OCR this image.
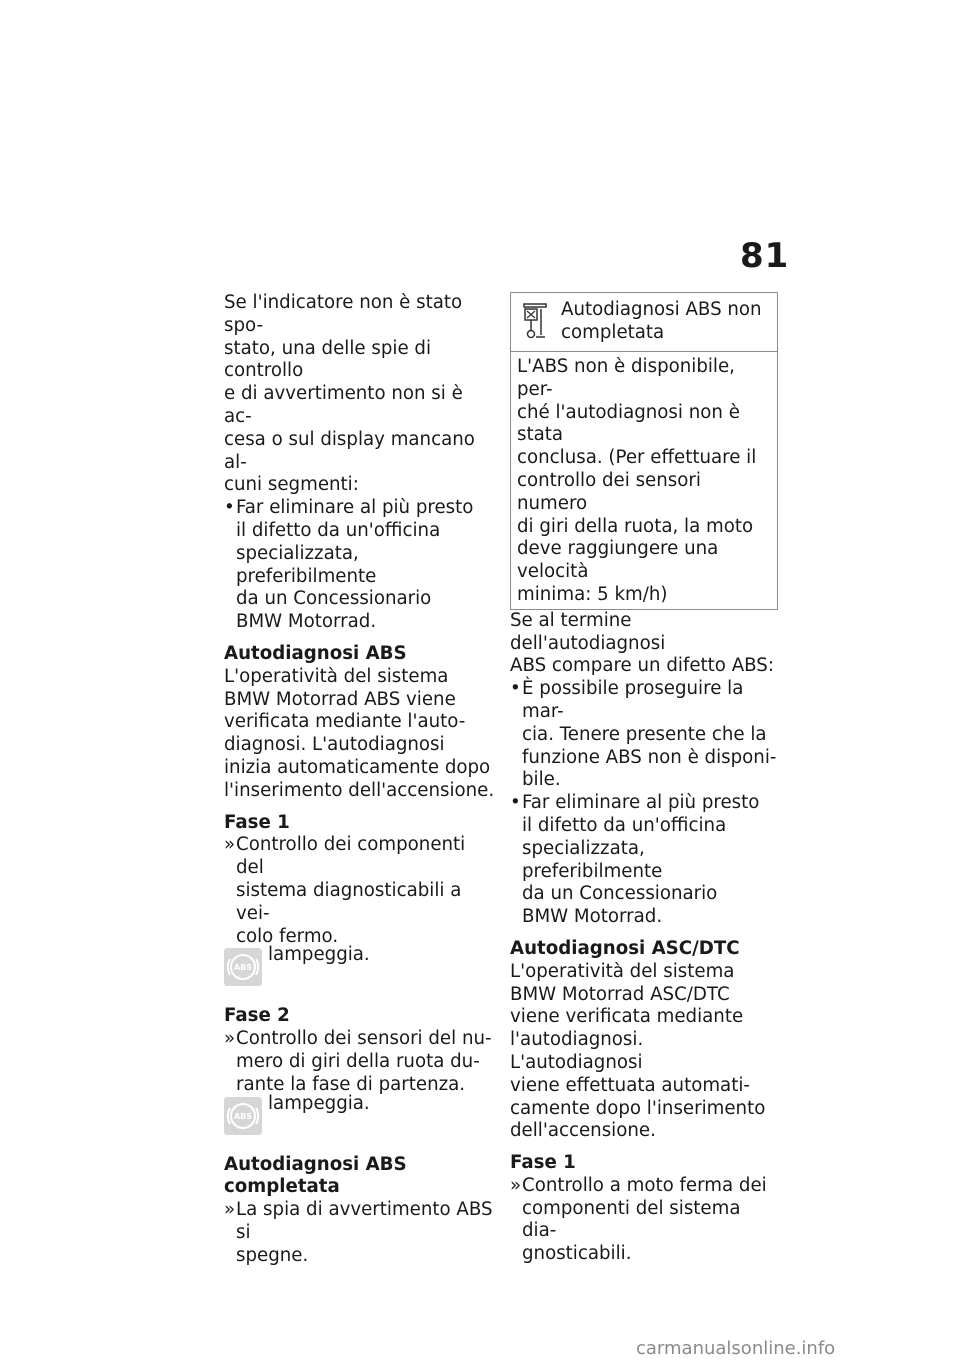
81
Se l'indicatore non è stato spo-
stato, una delle spie di controllo
e di avvertimento non si è ac-
cesa o sul display mancano al-
cuni segmenti:
• Far eliminare al più presto
il difetto da un'officina
specializzata, preferibilmente
da un Concessionario
BMW Motorrad.
Autodiagnosi ABS
L'operatività del sistema
BMW Motorrad ABS viene
verificata mediante l'auto-
diagnosi. L'autodiagnosi
inizia automaticamente dopo
l'inserimento dell'accensione.
Fase 1
» Controllo dei componenti del
sistema diagnosticabili a vei-
colo fermo.
ABS
lampeggia.
Fase 2
» Controllo dei sensori del nu-
mero di giri della ruota du-
rante la fase di partenza.
ABS
lampeggia.
Autodiagnosi ABS completata
» La spia di avvertimento ABS si
spegne.
Autodiagnosi ABS non
completata
L'ABS non è disponibile, per-
ché l'autodiagnosi non è stata
conclusa. (Per effettuare il
controllo dei sensori numero
di giri della ruota, la moto
deve raggiungere una velocità
minima: 5 km/h)
Se al termine dell'autodiagnosi
ABS compare un difetto ABS:
• È possibile proseguire la mar-
cia. Tenere presente che la
funzione ABS non è disponi-
bile.
• Far eliminare al più presto
il difetto da un'officina
specializzata, preferibilmente
da un Concessionario
BMW Motorrad.
Autodiagnosi ASC/DTC
L'operatività del sistema
BMW Motorrad ASC/DTC
viene verificata mediante
l'autodiagnosi. L'autodiagnosi
viene effettuata automati-
camente dopo l'inserimento
dell'accensione.
Fase 1
» Controllo a moto ferma dei
componenti del sistema dia-
gnosticabili.
carmanualsonline.info
